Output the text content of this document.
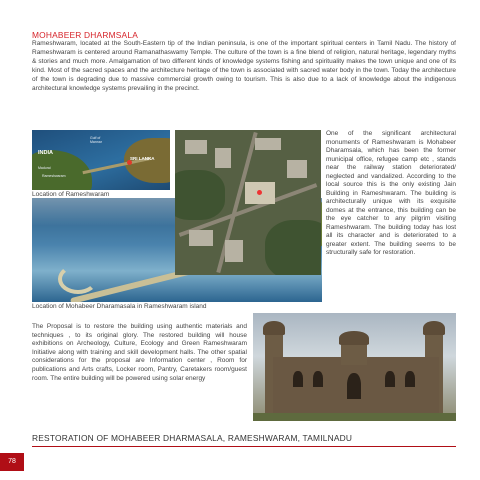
MOHABEER DHARMSALA
Rameshwaram, located at the South-Eastern tip of the Indian peninsula, is one of the important spiritual centers in Tamil Nadu. The history of Rameshwaram is centered around Ramanathaswamy Temple. The culture of the town is a fine blend of religion, natural heritage, legendary myths & stories and much more. Amalgamation of two different kinds of knowledge systems fishing and spirituality makes the town unique and one of its kind. Most of the sacred spaces and the architecture heritage of the town is associated with sacred water body in the town. Today the architecture of the town is degrading due to massive commercial growth owing to tourism. This is also due to a lack of knowledge about the indigenous architectural knowledge systems prevailing in the precinct.
INDIA
Gulf of Mannar
SRI LANKA
Madurai
Rameshwaram
Location of Rameshwaram
Location of Mohabeer Dharamasala in Rameshwaram island
One of the significant architectural monuments of Rameshwaram is Mohabeer Dharamsala, which has been the former municipal office, refugee camp etc , stands near the railway station deteriorated/ neglected and vandalized. According to the local source this is the only existing Jain Building in Rameshwaram. The building is architecturally unique with its exquisite domes at the entrance, this building can be the eye catcher to any pilgrim visiting Rameshwaram. The building today has lost all its character and is deteriorated to a greater extent. The building seems to be structurally safe for restoration.
The Proposal is to restore the building using authentic materials and techniques , to its original glory. The restored building will house exhibitions on Archeology, Culture, Ecology and Green Rameshwaram Initiative along with training and skill development halls. The other spatial considerations for the proposal are Information center , Room for publications and Arts crafts, Locker room, Pantry, Caretakers room/guest room. The entire building will be powered using solar energy
RESTORATION OF MOHABEER DHARMASALA, RAMESHWARAM, TAMILNADU
78
